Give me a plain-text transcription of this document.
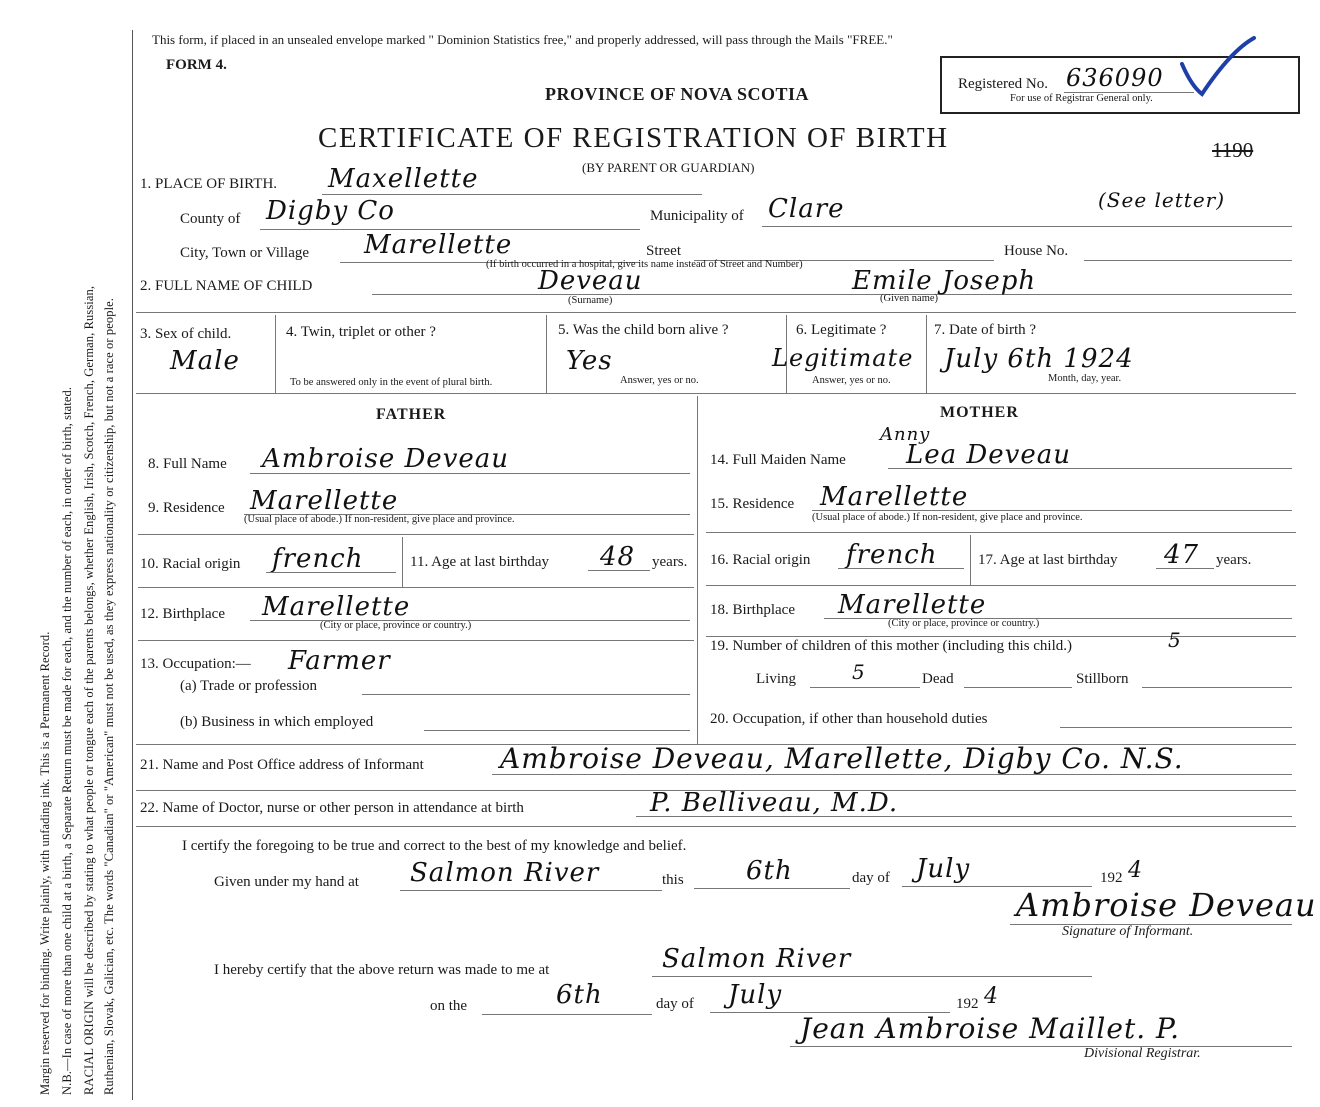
Margin reserved for binding. Write plainly, with unfading ink. This is a Permanent Record. N.B.—In case of more than one child at a birth, a Separate Return must be made for each, and the number of each, in order of birth, stated. RACIAL ORIGIN will be described by stating to what people or tongue each of the parents belongs, whether English, Irish, Scotch, French, German, Russian, Ruthenian, Slovak, Galician, etc. The words "Canadian" or "American" must not be used, as they express nationality or citizenship, but not a race or people.
This form, if placed in an unsealed envelope marked " Dominion Statistics free," and properly addressed, will pass through the Mails "FREE."
FORM 4.
PROVINCE OF NOVA SCOTIA	Registered No. 636090
For use of Registrar General only.
CERTIFICATE OF REGISTRATION OF BIRTH
(BY PARENT OR GUARDIAN)
1190
1. PLACE OF BIRTH. Maxellette
County of Digby Co	Municipality of Clare	(See letter)
City, Town or Village Marellette	Street	House No.
(If birth occurred in a hospital, give its name instead of Street and Number)
2. FULL NAME OF CHILD	Deveau
(Surname)
Emile Joseph
(Given name)
3. Sex of child.
Male
4. Twin, triplet or other ?
To be answered only in the event of plural birth.
5. Was the child born alive ?
Yes
Answer, yes or no.
6. Legitimate ?
Legitimate
Answer, yes or no.
7. Date of birth ?
July 6th 1924
Month, day, year.
FATHER	MOTHER
8. Full Name Ambroise Deveau
9. Residence Marellette
(Usual place of abode.) If non-resident, give place and province.
10. Racial origin french	11. Age at last birthday 48 years.
12. Birthplace Marellette
(City or place, province or country.)
13. Occupation:— Farmer
(a) Trade or profession
(b) Business in which employed
Anny
14. Full Maiden Name Lea Deveau
15. Residence Marellette
(Usual place of abode.) If non-resident, give place and province.
16. Racial origin french	17. Age at last birthday 47 years.
18. Birthplace Marellette
(City or place, province or country.)
19. Number of children of this mother (including this child.)	5
Living	5	Dead	Stillborn
20. Occupation, if other than household duties
21. Name and Post Office address of Informant	Ambroise Deveau, Marellette, Digby Co. N.S.
22. Name of Doctor, nurse or other person in attendance at birth	P. Belliveau, M.D.
I certify the foregoing to be true and correct to the best of my knowledge and belief.
Given under my hand at Salmon River	this 6th	day of July	192 4
Ambroise Deveau
Signature of Informant.
I hereby certify that the above return was made to me at	Salmon River
on the	6th	day of July	192 4
Jean Ambroise Maillet. P.
Divisional Registrar.
